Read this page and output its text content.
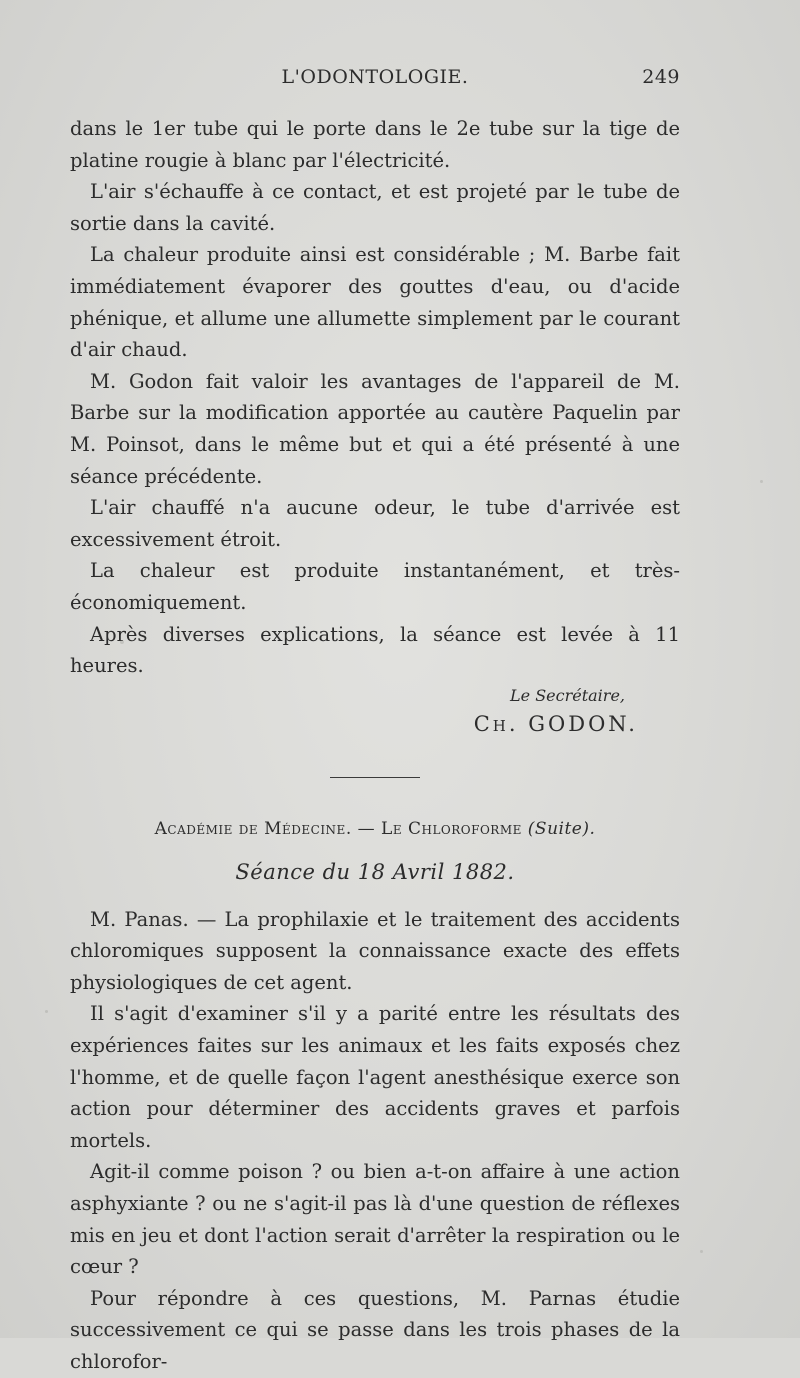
L'ODONTOLOGIE.	249

dans le 1er tube qui le porte dans le 2e tube sur la tige de platine rougie à blanc par l'électricité.

L'air s'échauffe à ce contact, et est projeté par le tube de sortie dans la cavité.

La chaleur produite ainsi est considérable ; M. Barbe fait immédiatement évaporer des gouttes d'eau, ou d'acide phénique, et allume une allumette simplement par le courant d'air chaud.

M. Godon fait valoir les avantages de l'appareil de M. Barbe sur la modification apportée au cautère Paquelin par M. Poinsot, dans le même but et qui a été présenté à une séance précédente.

L'air chauffé n'a aucune odeur, le tube d'arrivée est excessivement étroit.

La chaleur est produite instantanément, et très-économiquement.

Après diverses explications, la séance est levée à 11 heures.

Le Secrétaire,
Ch. GODON.
Académie de Médecine. — Le Chloroforme (Suite).
Séance du 18 Avril 1882.

M. Panas. — La prophilaxie et le traitement des accidents chloromiques supposent la connaissance exacte des effets physiologiques de cet agent.

Il s'agit d'examiner s'il y a parité entre les résultats des expériences faites sur les animaux et les faits exposés chez l'homme, et de quelle façon l'agent anesthésique exerce son action pour déterminer des accidents graves et parfois mortels.

Agit-il comme poison ? ou bien a-t-on affaire à une action asphyxiante ? ou ne s'agit-il pas là d'une question de réflexes mis en jeu et dont l'action serait d'arrêter la respiration ou le cœur ?

Pour répondre à ces questions, M. Parnas étudie successivement ce qui se passe dans les trois phases de la chlorofor-
